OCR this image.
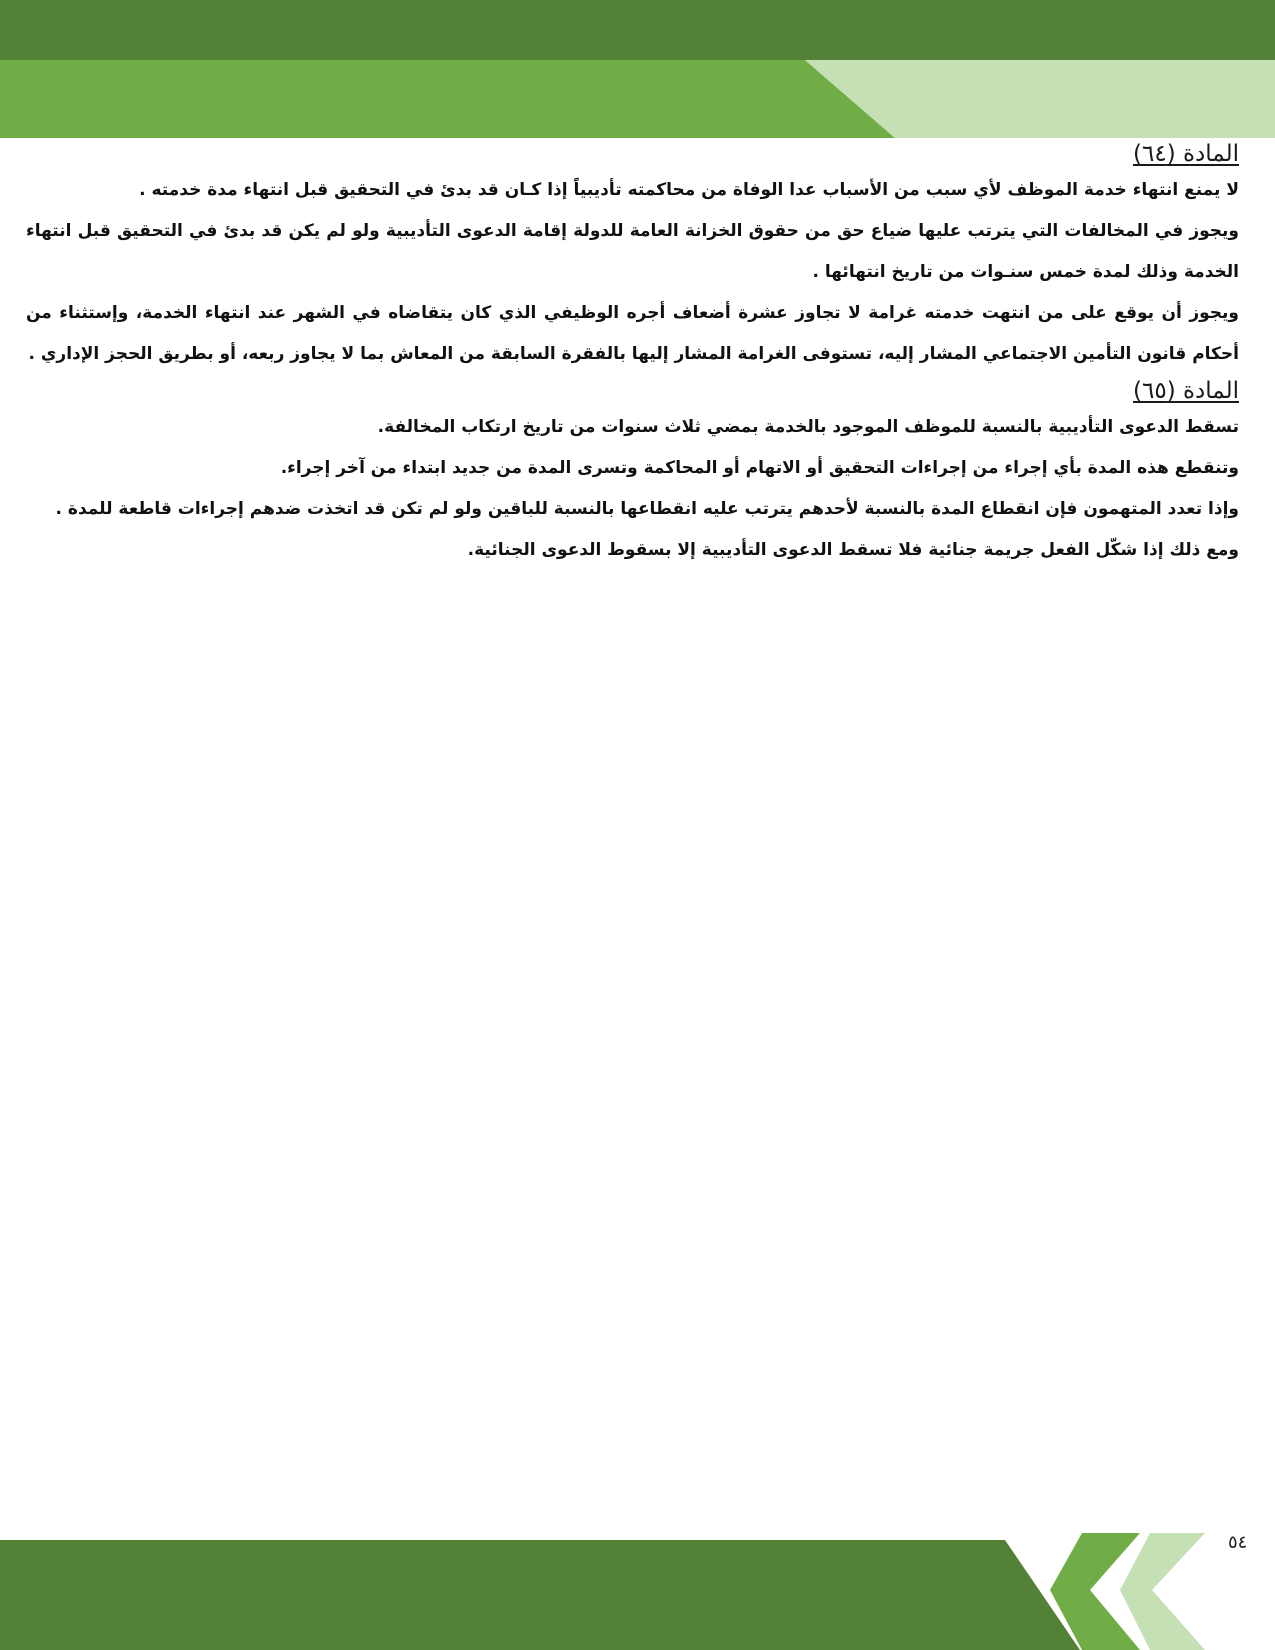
المادة (٦٤)

لا يمنع انتهاء خدمة الموظف لأي سبب من الأسباب عدا الوفاة من محاكمته تأديبياً إذا كـان قد بدئ في التحقيق قبل انتهاء مدة خدمته .

ويجوز في المخالفات التي يترتب عليها ضياع حق من حقوق الخزانة العامة للدولة إقامة الدعوى التأديبية ولو لم يكن قد بدئ في التحقيق قبل انتهاء الخدمة وذلك لمدة خمس سنـوات من تاريخ انتهائها .

ويجوز أن يوقع على من انتهت خدمته غرامة لا تجاوز عشرة أضعاف أجره الوظيفي الذي كان يتقاضاه في الشهر عند انتهاء الخدمة، وإستثناء من أحكام قانون التأمين الاجتماعي المشار إليه، تستوفى الغرامة المشار إليها بالفقرة السابقة من المعاش بما لا يجاوز ربعه، أو بطريق الحجز الإداري .

المادة (٦٥)

تسقط الدعوى التأديبية بالنسبة للموظف الموجود بالخدمة بمضي ثلاث سنوات من تاريخ ارتكاب المخالفة.

وتنقطع هذه المدة بأي إجراء من إجراءات التحقيق أو الاتهام أو المحاكمة وتسرى المدة من جديد ابتداء من آخر إجراء.

وإذا تعدد المتهمون فإن انقطاع المدة بالنسبة لأحدهم يترتب عليه انقطاعها بالنسبة للباقين ولو لم تكن قد اتخذت ضدهم إجراءات قاطعة للمدة .

ومع ذلك إذا شكّل الفعل جريمة جنائية فلا تسقط الدعوى التأديبية إلا بسقوط الدعوى الجنائية.

٥٤
